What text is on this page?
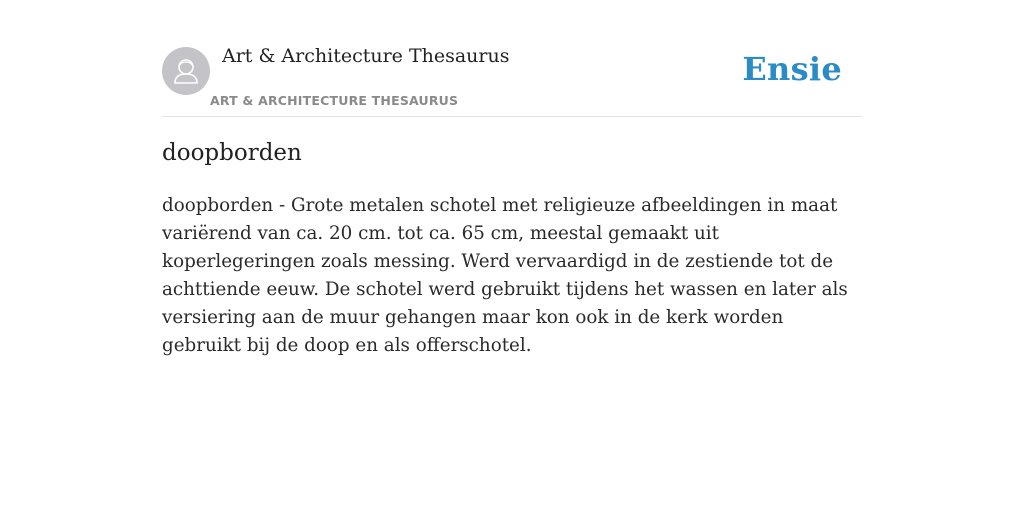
Art & Architecture Thesaurus
ART & ARCHITECTURE THESAURUS
Ensie
doopborden

doopborden - Grote metalen schotel met religieuze afbeeldingen in maat variërend van ca. 20 cm. tot ca. 65 cm, meestal gemaakt uit koperlegeringen zoals messing. Werd vervaardigd in de zestiende tot de achttiende eeuw. De schotel werd gebruikt tijdens het wassen en later als versiering aan de muur gehangen maar kon ook in de kerk worden gebruikt bij de doop en als offerschotel.
